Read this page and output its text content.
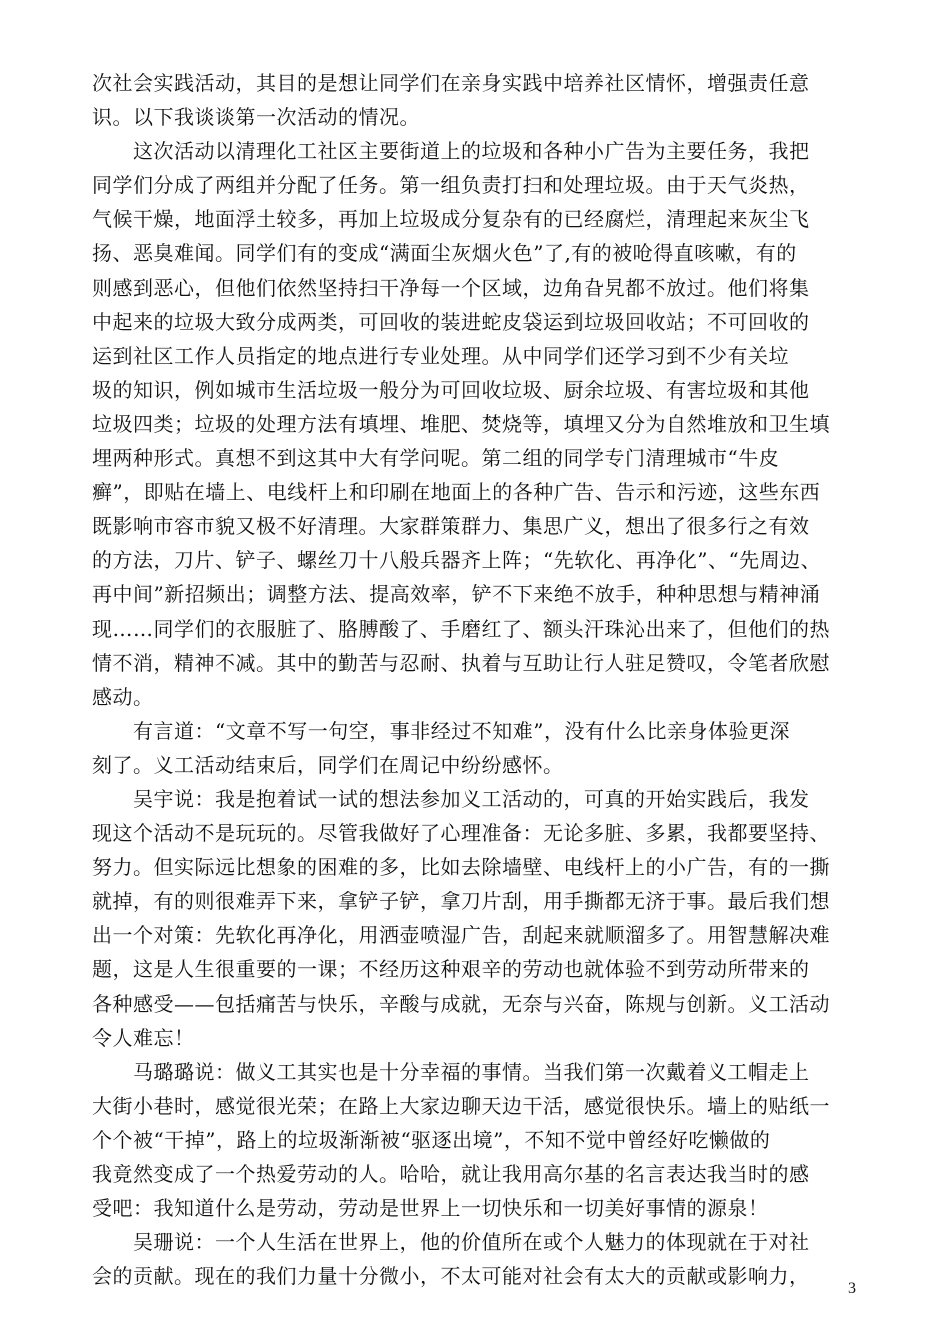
次社会实践活动，其目的是想让同学们在亲身实践中培养社区情怀，增强责任意
识。以下我谈谈第一次活动的情况。
　　这次活动以清理化工社区主要街道上的垃圾和各种小广告为主要任务，我把
同学们分成了两组并分配了任务。第一组负责打扫和处理垃圾。由于天气炎热，
气候干燥，地面浮土较多，再加上垃圾成分复杂有的已经腐烂，清理起来灰尘飞
扬、恶臭难闻。同学们有的变成“满面尘灰烟火色”了,有的被呛得直咳嗽，有的
则感到恶心，但他们依然坚持扫干净每一个区域，边角旮旯都不放过。他们将集
中起来的垃圾大致分成两类，可回收的装进蛇皮袋运到垃圾回收站；不可回收的
运到社区工作人员指定的地点进行专业处理。从中同学们还学习到不少有关垃
圾的知识，例如城市生活垃圾一般分为可回收垃圾、厨余垃圾、有害垃圾和其他
垃圾四类；垃圾的处理方法有填埋、堆肥、焚烧等，填埋又分为自然堆放和卫生填
埋两种形式。真想不到这其中大有学问呢。第二组的同学专门清理城市“牛皮
癣”，即贴在墙上、电线杆上和印刷在地面上的各种广告、告示和污迹，这些东西
既影响市容市貌又极不好清理。大家群策群力、集思广义，想出了很多行之有效
的方法，刀片、铲子、螺丝刀十八般兵器齐上阵；“先软化、再净化”、“先周边、
再中间”新招频出；调整方法、提高效率，铲不下来绝不放手，种种思想与精神涌
现……同学们的衣服脏了、胳膊酸了、手磨红了、额头汗珠沁出来了，但他们的热
情不消，精神不减。其中的勤苦与忍耐、执着与互助让行人驻足赞叹，令笔者欣慰
感动。
　　有言道：“文章不写一句空，事非经过不知难”，没有什么比亲身体验更深
刻了。义工活动结束后，同学们在周记中纷纷感怀。
　　吴宇说：我是抱着试一试的想法参加义工活动的，可真的开始实践后，我发
现这个活动不是玩玩的。尽管我做好了心理准备：无论多脏、多累，我都要坚持、
努力。但实际远比想象的困难的多，比如去除墙壁、电线杆上的小广告，有的一撕
就掉，有的则很难弄下来，拿铲子铲，拿刀片刮，用手撕都无济于事。最后我们想
出一个对策：先软化再净化，用洒壶喷湿广告，刮起来就顺溜多了。用智慧解决难
题，这是人生很重要的一课；不经历这种艰辛的劳动也就体验不到劳动所带来的
各种感受——包括痛苦与快乐，辛酸与成就，无奈与兴奋，陈规与创新。义工活动
令人难忘！
　　马璐璐说：做义工其实也是十分幸福的事情。当我们第一次戴着义工帽走上
大街小巷时，感觉很光荣；在路上大家边聊天边干活，感觉很快乐。墙上的贴纸一
个个被“干掉”，路上的垃圾渐渐被“驱逐出境”，不知不觉中曾经好吃懒做的
我竟然变成了一个热爱劳动的人。哈哈，就让我用高尔基的名言表达我当时的感
受吧：我知道什么是劳动，劳动是世界上一切快乐和一切美好事情的源泉！
　　吴珊说：一个人生活在世界上，他的价值所在或个人魅力的体现就在于对社
会的贡献。现在的我们力量十分微小，不太可能对社会有太大的贡献或影响力，
3
